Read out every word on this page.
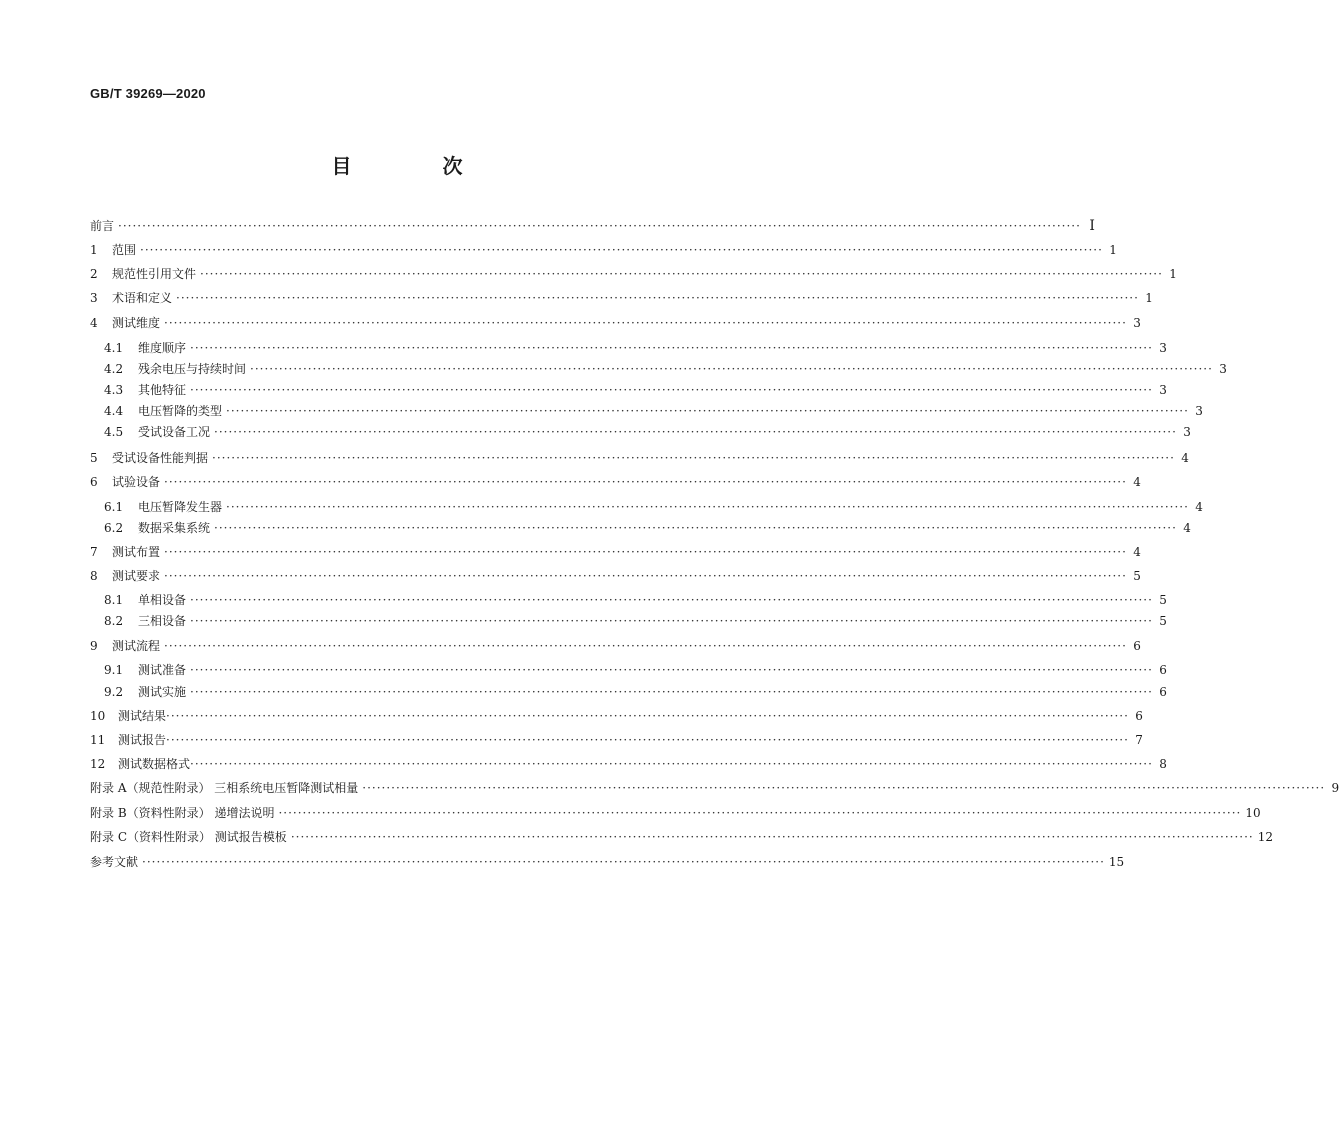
GB/T 39269—2020
目 次
前言 ········································································································································································································ I
1	范围 ········································································································································································································ 1
2	规范性引用文件 ········································································································································································································ 1
3	术语和定义 ········································································································································································································ 1
4	测试维度 ········································································································································································································ 3
4.1	维度顺序 ········································································································································································································ 3
4.2	残余电压与持续时间 ········································································································································································································ 3
4.3	其他特征 ········································································································································································································ 3
4.4	电压暂降的类型 ········································································································································································································ 3
4.5	受试设备工况 ········································································································································································································ 3
5	受试设备性能判据 ········································································································································································································ 4
6	试验设备 ········································································································································································································ 4
6.1	电压暂降发生器 ········································································································································································································ 4
6.2	数据采集系统 ········································································································································································································ 4
7	测试布置 ········································································································································································································ 4
8	测试要求 ········································································································································································································ 5
8.1	单相设备 ········································································································································································································ 5
8.2	三相设备 ········································································································································································································ 5
9	测试流程 ········································································································································································································ 6
9.1	测试准备 ········································································································································································································ 6
9.2	测试实施 ········································································································································································································ 6
10	测试结果 ········································································································································································································ 6
11	测试报告 ········································································································································································································ 7
12	测试数据格式 ········································································································································································································ 8
附录 A（规范性附录） 三相系统电压暂降测试相量 ········································································································································································································ 9
附录 B（资料性附录） 递增法说明 ········································································································································································································ 10
附录 C（资料性附录） 测试报告模板 ········································································································································································································ 12
参考文献 ········································································································································································································ 15
